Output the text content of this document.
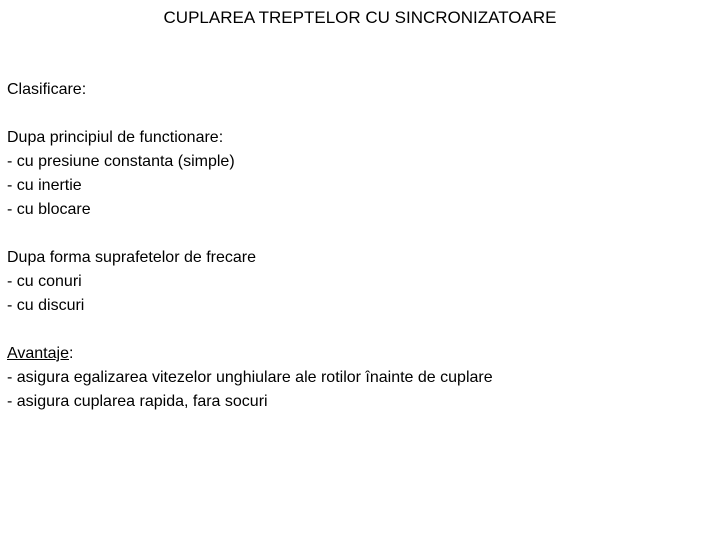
CUPLAREA TREPTELOR CU SINCRONIZATOARE
Clasificare:
Dupa principiul de functionare:
- cu presiune constanta (simple)
- cu inertie
- cu blocare
Dupa forma suprafetelor de frecare
- cu conuri
- cu discuri
Avantaje:
- asigura egalizarea vitezelor unghiulare ale rotilor înainte de cuplare
- asigura cuplarea rapida, fara socuri
